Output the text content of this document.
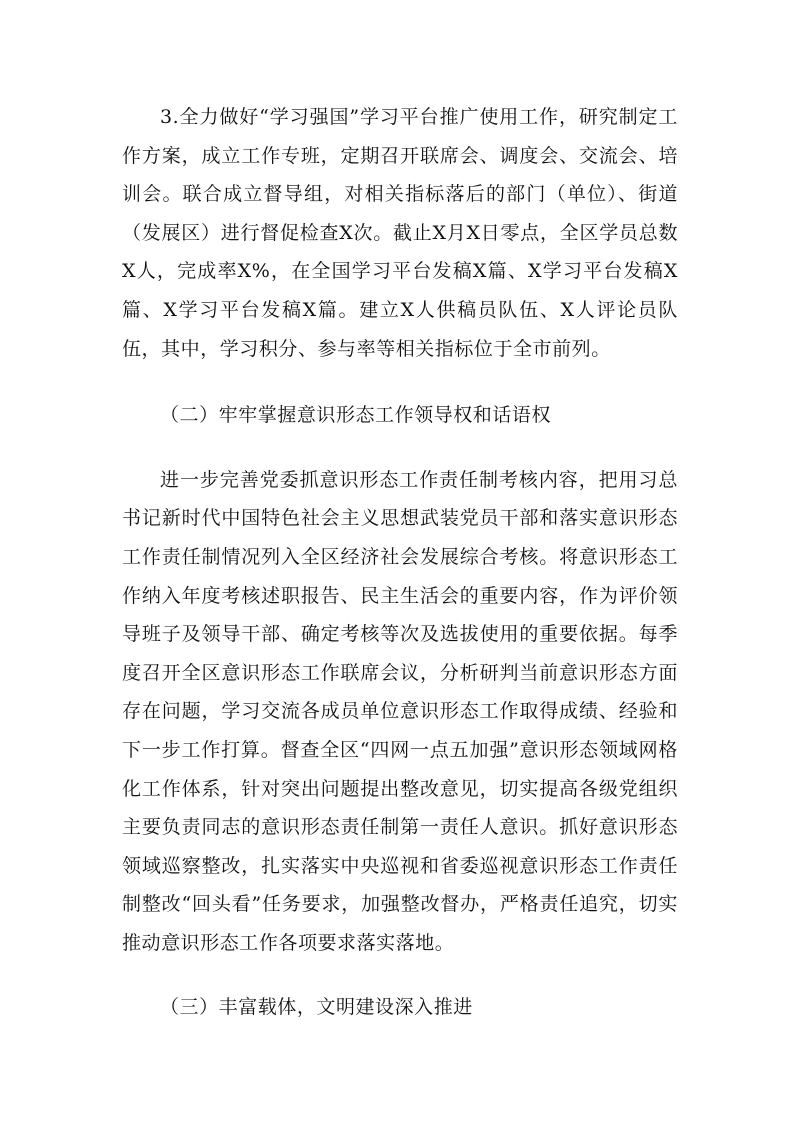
3.全力做好“学习强国”学习平台推广使用工作，研究制定工作方案，成立工作专班，定期召开联席会、调度会、交流会、培训会。联合成立督导组，对相关指标落后的部门（单位）、街道（发展区）进行督促检查X次。截止X月X日零点，全区学员总数X人，完成率X%，在全国学习平台发稿X篇、X学习平台发稿X篇、X学习平台发稿X篇。建立X人供稿员队伍、X人评论员队伍，其中，学习积分、参与率等相关指标位于全市前列。

（二）牢牢掌握意识形态工作领导权和话语权

进一步完善党委抓意识形态工作责任制考核内容，把用习总书记新时代中国特色社会主义思想武装党员干部和落实意识形态工作责任制情况列入全区经济社会发展综合考核。将意识形态工作纳入年度考核述职报告、民主生活会的重要内容，作为评价领导班子及领导干部、确定考核等次及选拔使用的重要依据。每季度召开全区意识形态工作联席会议，分析研判当前意识形态方面存在问题，学习交流各成员单位意识形态工作取得成绩、经验和下一步工作打算。督查全区“四网一点五加强”意识形态领域网格化工作体系，针对突出问题提出整改意见，切实提高各级党组织主要负责同志的意识形态责任制第一责任人意识。抓好意识形态领域巡察整改，扎实落实中央巡视和省委巡视意识形态工作责任制整改“回头看”任务要求，加强整改督办，严格责任追究，切实推动意识形态工作各项要求落实落地。

（三）丰富载体，文明建设深入推进
